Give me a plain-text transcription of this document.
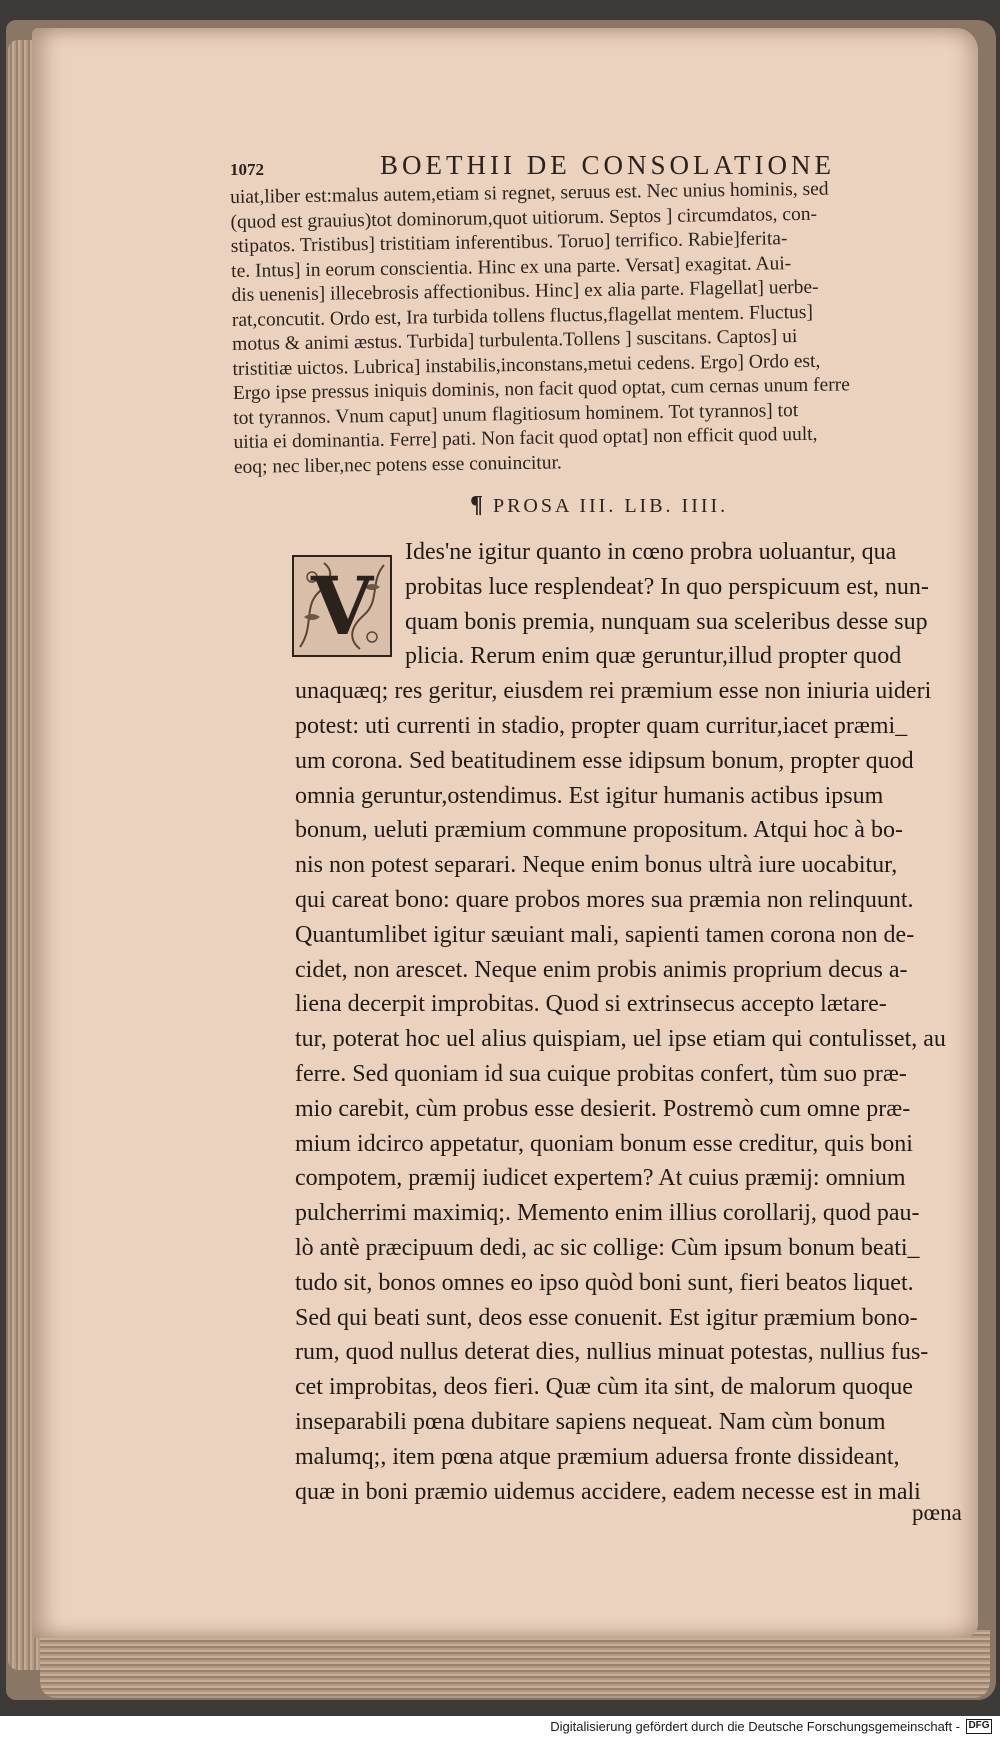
1072	BOETHII DE CONSOLATIONE
uiat,liber est:malus autem,etiam si regnet, seruus est. Nec unius hominis, sed
(quod est grauius)tot dominorum,quot uitiorum. Septos ] circumdatos, con-
stipatos. Tristibus] tristitiam inferentibus. Toruo] terrifico. Rabie]ferita-
te. Intus] in eorum conscientia. Hinc ex una parte. Versat] exagitat. Aui-
dis uenenis] illecebrosis affectionibus. Hinc] ex alia parte. Flagellat] uerbe-
rat,concutit. Ordo est, Ira turbida tollens fluctus,flagellat mentem. Fluctus]
motus & animi æstus. Turbida] turbulenta.Tollens ] suscitans. Captos] ui
tristitiæ uictos. Lubrica] instabilis,inconstans,metui cedens. Ergo] Ordo est,
Ergo ipse pressus iniquis dominis, non facit quod optat, cum cernas unum ferre
tot tyrannos. Vnum caput] unum flagitiosum hominem. Tot tyrannos] tot
uitia ei dominantia. Ferre] pati. Non facit quod optat] non efficit quod uult,
eoq; nec liber,nec potens esse conuincitur.
¶ PROSA III. LIB. IIII.
V
Ides'ne igitur quanto in cœno probra uoluantur, qua
probitas luce resplendeat? In quo perspicuum est, nun-
quam bonis premia, nunquam sua sceleribus desse sup
plicia. Rerum enim quæ geruntur,illud propter quod
unaquæq; res geritur, eiusdem rei præmium esse non iniuria uideri
potest: uti currenti in stadio, propter quam curritur,iacet præmi_
um corona. Sed beatitudinem esse idipsum bonum, propter quod
omnia geruntur,ostendimus. Est igitur humanis actibus ipsum
bonum, ueluti præmium commune propositum. Atqui hoc à bo-
nis non potest separari. Neque enim bonus ultrà iure uocabitur,
qui careat bono: quare probos mores sua præmia non relinquunt.
Quantumlibet igitur sæuiant mali, sapienti tamen corona non de-
cidet, non arescet. Neque enim probis animis proprium decus a-
liena decerpit improbitas. Quod si extrinsecus accepto lætare-
tur, poterat hoc uel alius quispiam, uel ipse etiam qui contulisset, au
ferre. Sed quoniam id sua cuique probitas confert, tùm suo præ-
mio carebit, cùm probus esse desierit. Postremò cum omne præ-
mium idcirco appetatur, quoniam bonum esse creditur, quis boni
compotem, præmij iudicet expertem? At cuius præmij: omnium
pulcherrimi maximiq;. Memento enim illius corollarij, quod pau-
lò antè præcipuum dedi, ac sic collige: Cùm ipsum bonum beati_
tudo sit, bonos omnes eo ipso quòd boni sunt, fieri beatos liquet.
Sed qui beati sunt, deos esse conuenit. Est igitur præmium bono-
rum, quod nullus deterat dies, nullius minuat potestas, nullius fus-
cet improbitas, deos fieri. Quæ cùm ita sint, de malorum quoque
inseparabili pœna dubitare sapiens nequeat. Nam cùm bonum
malumq;, item pœna atque præmium aduersa fronte dissideant,
quæ in boni præmio uidemus accidere, eadem necesse est in mali
pœna
Digitalisierung gefördert durch die Deutsche Forschungsgemeinschaft - DFG
